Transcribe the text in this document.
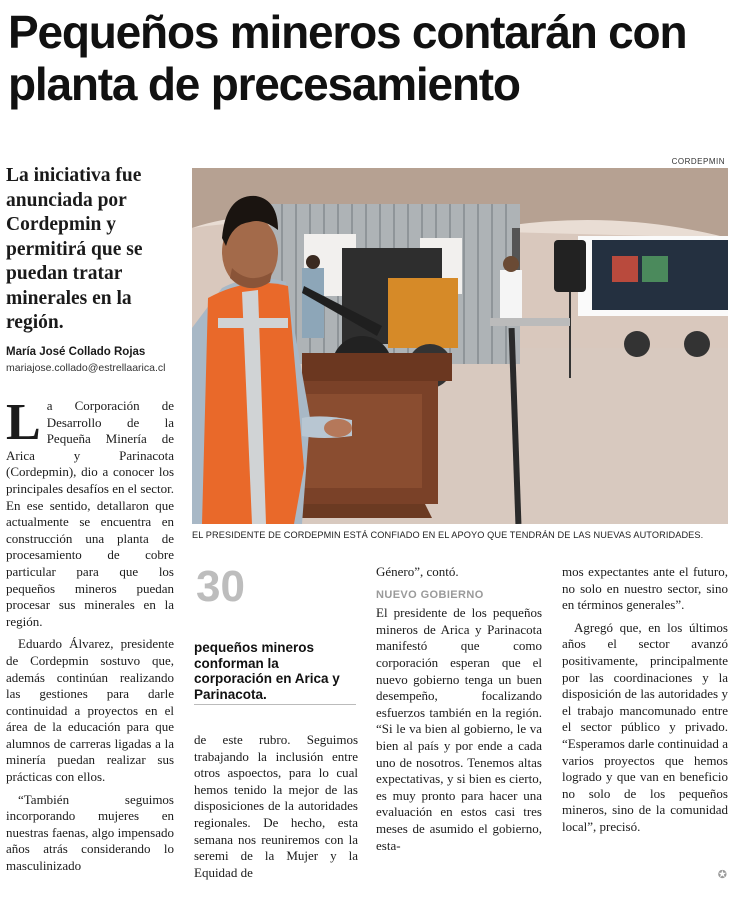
Pequeños mineros contarán con planta de precesamiento

La iniciativa fue anunciada por Cordepmin y permitirá que se puedan tratar minerales en la región.

María José Collado Rojas
mariajose.collado@estrellaarica.cl
CORDEPMIN
EL PRESIDENTE DE CORDEPMIN ESTÁ CONFIADO EN EL APOYO QUE TENDRÁN DE LAS NUEVAS AUTORIDADES.

La Corporación de Desarrollo de la Pequeña Minería de Arica y Parinacota (Cordepmin), dio a conocer los principales desafíos en el sector. En ese sentido, detallaron que actualmente se encuentra en construcción una planta de procesamiento de cobre particular para que los pequeños mineros puedan procesar sus minerales en la región.

Eduardo Álvarez, presidente de Cordepmin sostuvo que, además continúan realizando las gestiones para darle continuidad a proyectos en el área de la educación para que alumnos de carreras ligadas a la minería puedan realizar sus prácticas con ellos.

“También seguimos incorporando mujeres en nuestras faenas, algo impensado años atrás considerando lo masculinizado

30
pequeños mineros conforman la corporación en Arica y Parinacota.

de este rubro. Seguimos trabajando la inclusión entre otros aspoectos, para lo cual hemos tenido la mejor de las disposiciones de la autoridades regionales. De hecho, esta semana nos reuniremos con la seremi de la Mujer y la Equidad de

Género”, contó.

NUEVO GOBIERNO

El presidente de los pequeños mineros de Arica y Parinacota manifestó que como corporación esperan que el nuevo gobierno tenga un buen desempeño, focalizando esfuerzos también en la región. “Si le va bien al gobierno, le va bien al país y por ende a cada uno de nosotros. Tenemos altas expectativas, y si bien es cierto, es muy pronto para hacer una evaluación en estos casi tres meses de asumido el gobierno, esta-

mos expectantes ante el futuro, no solo en nuestro sector, sino en términos generales”.

Agregó que, en los últimos años el sector avanzó positivamente, principalmente por las coordinaciones y la disposición de las autoridades y el trabajo mancomunado entre el sector público y privado. “Esperamos darle continuidad a varios proyectos que hemos logrado y que van en beneficio no solo de los pequeños mineros, sino de la comunidad local”, precisó.

✪
